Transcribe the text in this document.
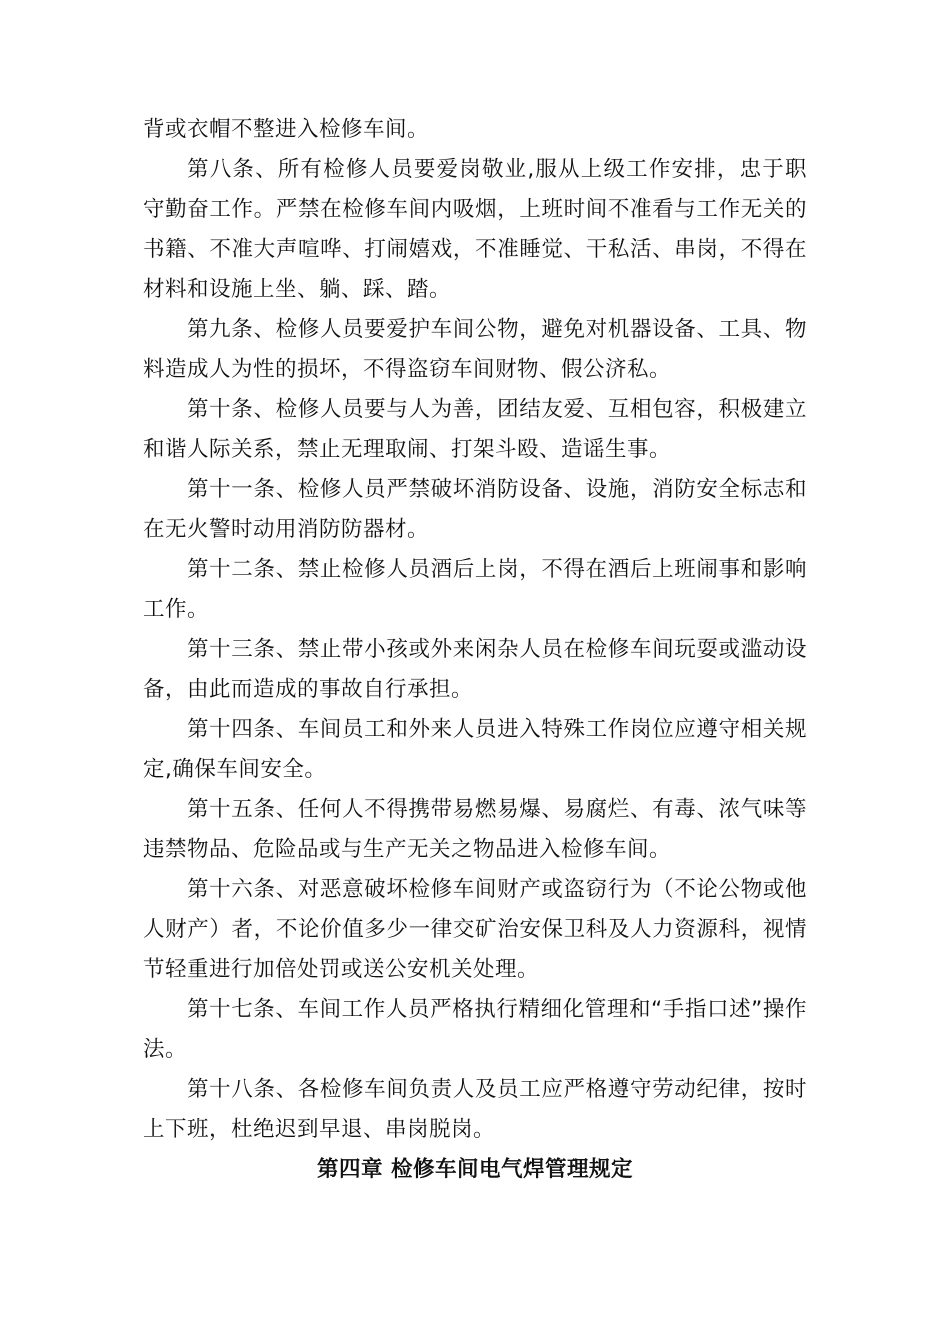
背或衣帽不整进入检修车间。

第八条、所有检修人员要爱岗敬业,服从上级工作安排，忠于职守勤奋工作。严禁在检修车间内吸烟，上班时间不准看与工作无关的书籍、不准大声喧哗、打闹嬉戏，不准睡觉、干私活、串岗，不得在材料和设施上坐、躺、踩、踏。

第九条、检修人员要爱护车间公物，避免对机器设备、工具、物料造成人为性的损坏，不得盗窃车间财物、假公济私。

第十条、检修人员要与人为善，团结友爱、互相包容，积极建立和谐人际关系，禁止无理取闹、打架斗殴、造谣生事。

第十一条、检修人员严禁破坏消防设备、设施，消防安全标志和在无火警时动用消防防器材。

第十二条、禁止检修人员酒后上岗，不得在酒后上班闹事和影响工作。

第十三条、禁止带小孩或外来闲杂人员在检修车间玩耍或滥动设备，由此而造成的事故自行承担。

第十四条、车间员工和外来人员进入特殊工作岗位应遵守相关规定,确保车间安全。

第十五条、任何人不得携带易燃易爆、易腐烂、有毒、浓气味等违禁物品、危险品或与生产无关之物品进入检修车间。

第十六条、对恶意破坏检修车间财产或盗窃行为（不论公物或他人财产）者，不论价值多少一律交矿治安保卫科及人力资源科，视情节轻重进行加倍处罚或送公安机关处理。

第十七条、车间工作人员严格执行精细化管理和“手指口述”操作法。

第十八条、各检修车间负责人及员工应严格遵守劳动纪律，按时上下班，杜绝迟到早退、串岗脱岗。

第四章 检修车间电气焊管理规定
